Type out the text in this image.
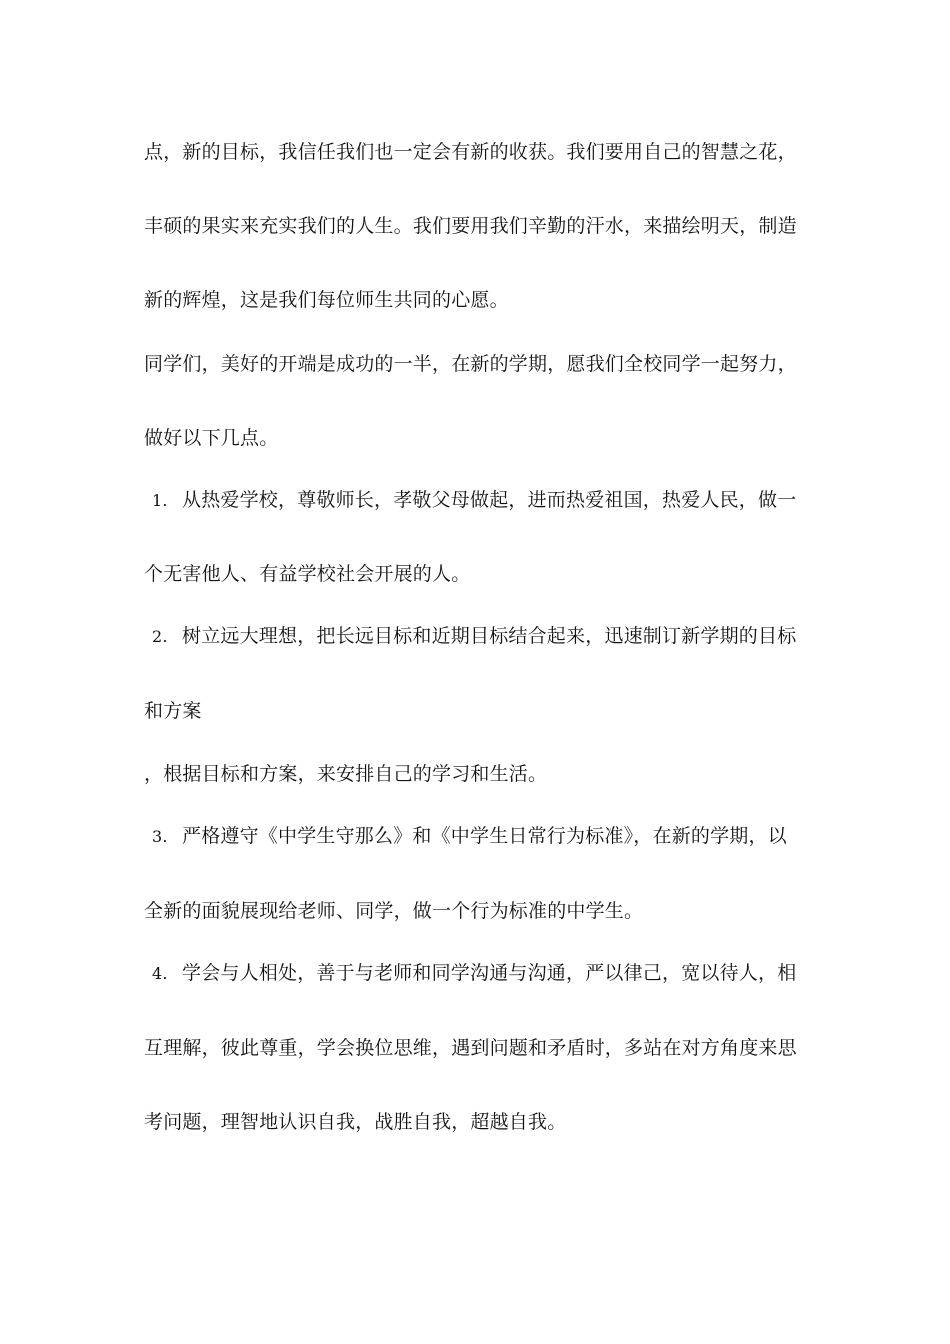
点，新的目标，我信任我们也一定会有新的收获。我们要用自己的智慧之花，
丰硕的果实来充实我们的人生。我们要用我们辛勤的汗水，来描绘明天，制造
新的辉煌，这是我们每位师生共同的心愿。
同学们，美好的开端是成功的一半，在新的学期，愿我们全校同学一起努力，
做好以下几点。
1. 从热爱学校，尊敬师长，孝敬父母做起，进而热爱祖国，热爱人民，做一
个无害他人、有益学校社会开展的人。
2. 树立远大理想，把长远目标和近期目标结合起来，迅速制订新学期的目标
和方案
，根据目标和方案，来安排自己的学习和生活。
3. 严格遵守《中学生守那么》和《中学生日常行为标准》，在新的学期，以
全新的面貌展现给老师、同学，做一个行为标准的中学生。
4. 学会与人相处，善于与老师和同学沟通与沟通，严以律己，宽以待人，相
互理解，彼此尊重，学会换位思维，遇到问题和矛盾时，多站在对方角度来思
考问题，理智地认识自我，战胜自我，超越自我。
